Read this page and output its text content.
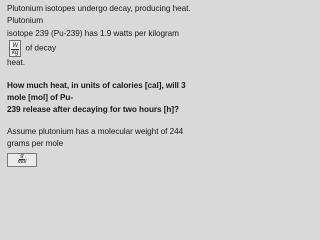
Plutonium isotopes undergo decay, producing heat. Plutonium
isotope 239 (Pu-239) has 1.9 watts per kilogram
$\frac{W}{kg}$ of decay
heat.

How much heat, in units of calories [cal], will 3 mole [mol] of Pu-
239 release after decaying for two hours [h]?

Assume plutonium has a molecular weight of 244 grams per mole

$\frac{g}{\text{mol}}$
